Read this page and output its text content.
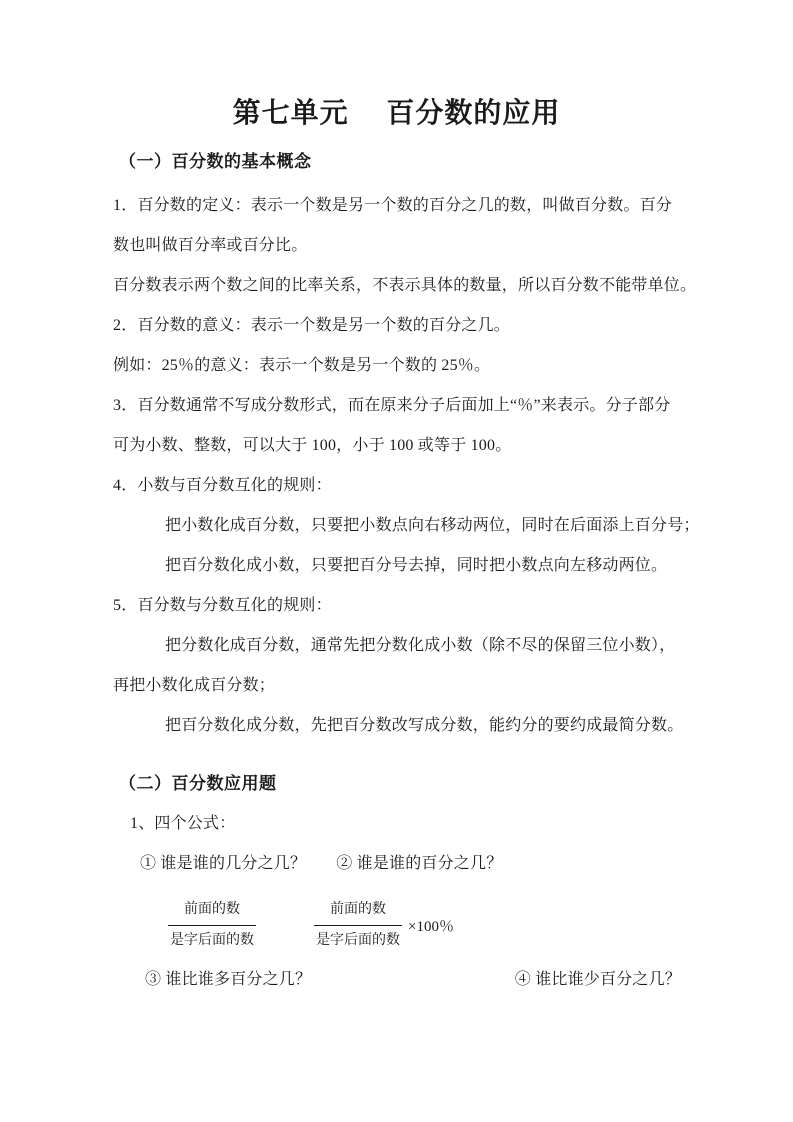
第七单元　 百分数的应用
（一）百分数的基本概念
1．百分数的定义：表示一个数是另一个数的百分之几的数，叫做百分数。百分
数也叫做百分率或百分比。
百分数表示两个数之间的比率关系，不表示具体的数量，所以百分数不能带单位。
2．百分数的意义：表示一个数是另一个数的百分之几。
例如：25％的意义：表示一个数是另一个数的 25％。
3．百分数通常不写成分数形式，而在原来分子后面加上“％”来表示。分子部分
可为小数、整数，可以大于 100，小于 100 或等于 100。
4．小数与百分数互化的规则：
把小数化成百分数，只要把小数点向右移动两位，同时在后面添上百分号；
把百分数化成小数，只要把百分号去掉，同时把小数点向左移动两位。
5．百分数与分数互化的规则：
把分数化成百分数，通常先把分数化成小数（除不尽的保留三位小数），
再把小数化成百分数；
把百分数化成分数，先把百分数改写成分数，能约分的要约成最简分数。
（二）百分数应用题
1、四个公式：
① 谁是谁的几分之几？ ② 谁是谁的百分之几？
$\frac{\text{前面的数}}{\text{是字后面的数}}$	$\frac{\text{前面的数}}{\text{是字后面的数}} \times 100$％
③ 谁比谁多百分之几？	④ 谁比谁少百分之几？
